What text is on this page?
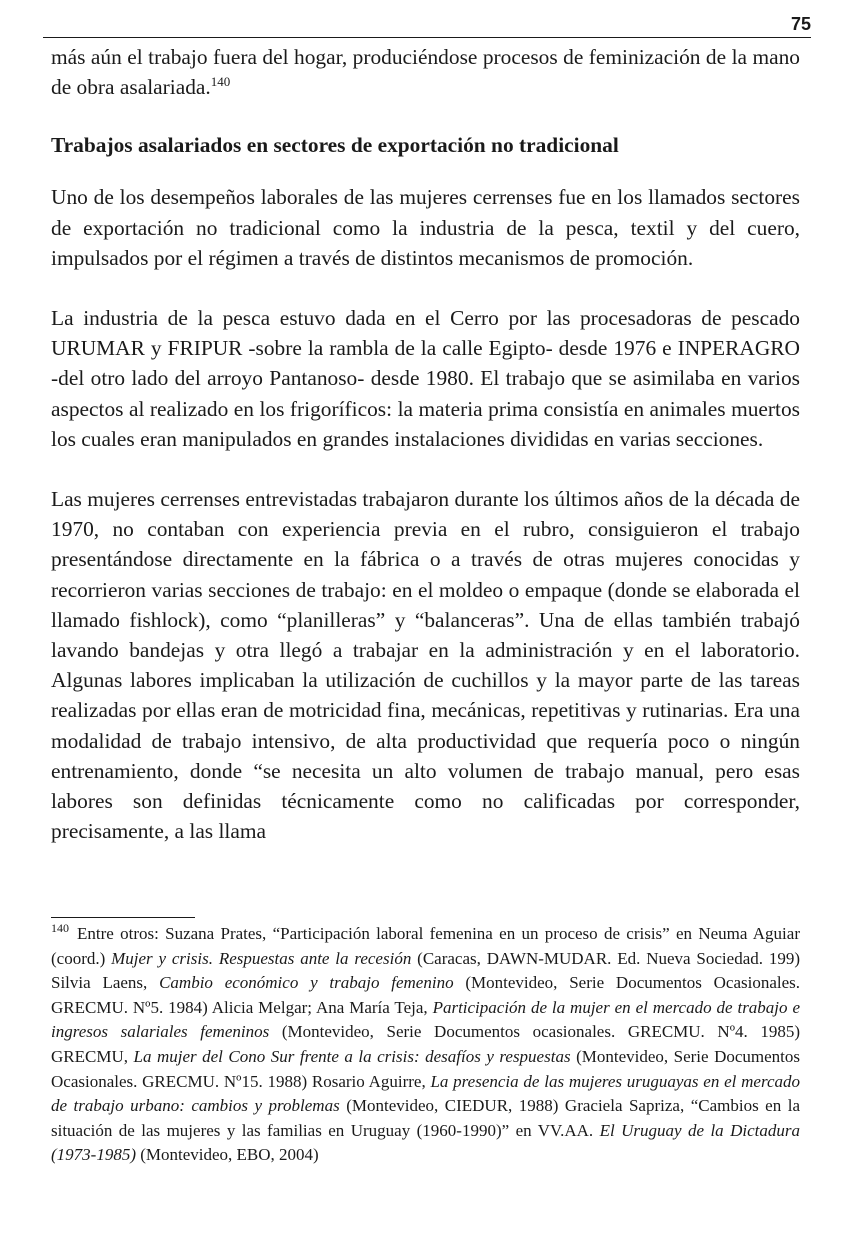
75

más aún el trabajo fuera del hogar, produciéndose procesos de feminización de la mano de obra asalariada.$^{140}$

Trabajos asalariados en sectores de exportación no tradicional

Uno de los desempeños laborales de las mujeres cerrenses fue en los llamados sectores de exportación no tradicional como la industria de la pesca, textil y del cuero, impulsados por el régimen a través de distintos mecanismos de promoción.

La industria de la pesca estuvo dada en el Cerro por las procesadoras de pescado URUMAR y FRIPUR -sobre la rambla de la calle Egipto- desde 1976 e INPERAGRO -del otro lado del arroyo Pantanoso- desde 1980. El trabajo que se asimilaba en varios aspectos al realizado en los frigoríficos: la materia prima consistía en animales muertos los cuales eran manipulados en grandes instalaciones divididas en varias secciones.

Las mujeres cerrenses entrevistadas trabajaron durante los últimos años de la década de 1970, no contaban con experiencia previa en el rubro, consiguieron el trabajo presentándose directamente en la fábrica o a través de otras mujeres conocidas y recorrieron varias secciones de trabajo: en el moldeo o empaque (donde se elaborada el llamado fishlock), como “planilleras” y “balanceras”. Una de ellas también trabajó lavando bandejas y otra llegó a trabajar en la administración y en el laboratorio. Algunas labores implicaban la utilización de cuchillos y la mayor parte de las tareas realizadas por ellas eran de motricidad fina, mecánicas, repetitivas y rutinarias. Era una modalidad de trabajo intensivo, de alta productividad que requería poco o ningún entrenamiento, donde “se necesita un alto volumen de trabajo manual, pero esas labores son definidas técnicamente como no calificadas por corresponder, precisamente, a las llama

$^{140}$ Entre otros: Suzana Prates, “Participación laboral femenina en un proceso de crisis” en Neuma Aguiar (coord.) Mujer y crisis. Respuestas ante la recesión (Caracas, DAWN-MUDAR. Ed. Nueva Sociedad. 199) Silvia Laens, Cambio económico y trabajo femenino (Montevideo, Serie Documentos Ocasionales. GRECMU. Nº5. 1984) Alicia Melgar; Ana María Teja, Participación de la mujer en el mercado de trabajo e ingresos salariales femeninos (Montevideo, Serie Documentos ocasionales. GRECMU. Nº4. 1985) GRECMU, La mujer del Cono Sur frente a la crisis: desafíos y respuestas (Montevideo, Serie Documentos Ocasionales. GRECMU. Nº15. 1988) Rosario Aguirre, La presencia de las mujeres uruguayas en el mercado de trabajo urbano: cambios y problemas (Montevideo, CIEDUR, 1988) Graciela Sapriza, “Cambios en la situación de las mujeres y las familias en Uruguay (1960-1990)” en VV.AA. El Uruguay de la Dictadura (1973-1985) (Montevideo, EBO, 2004)
